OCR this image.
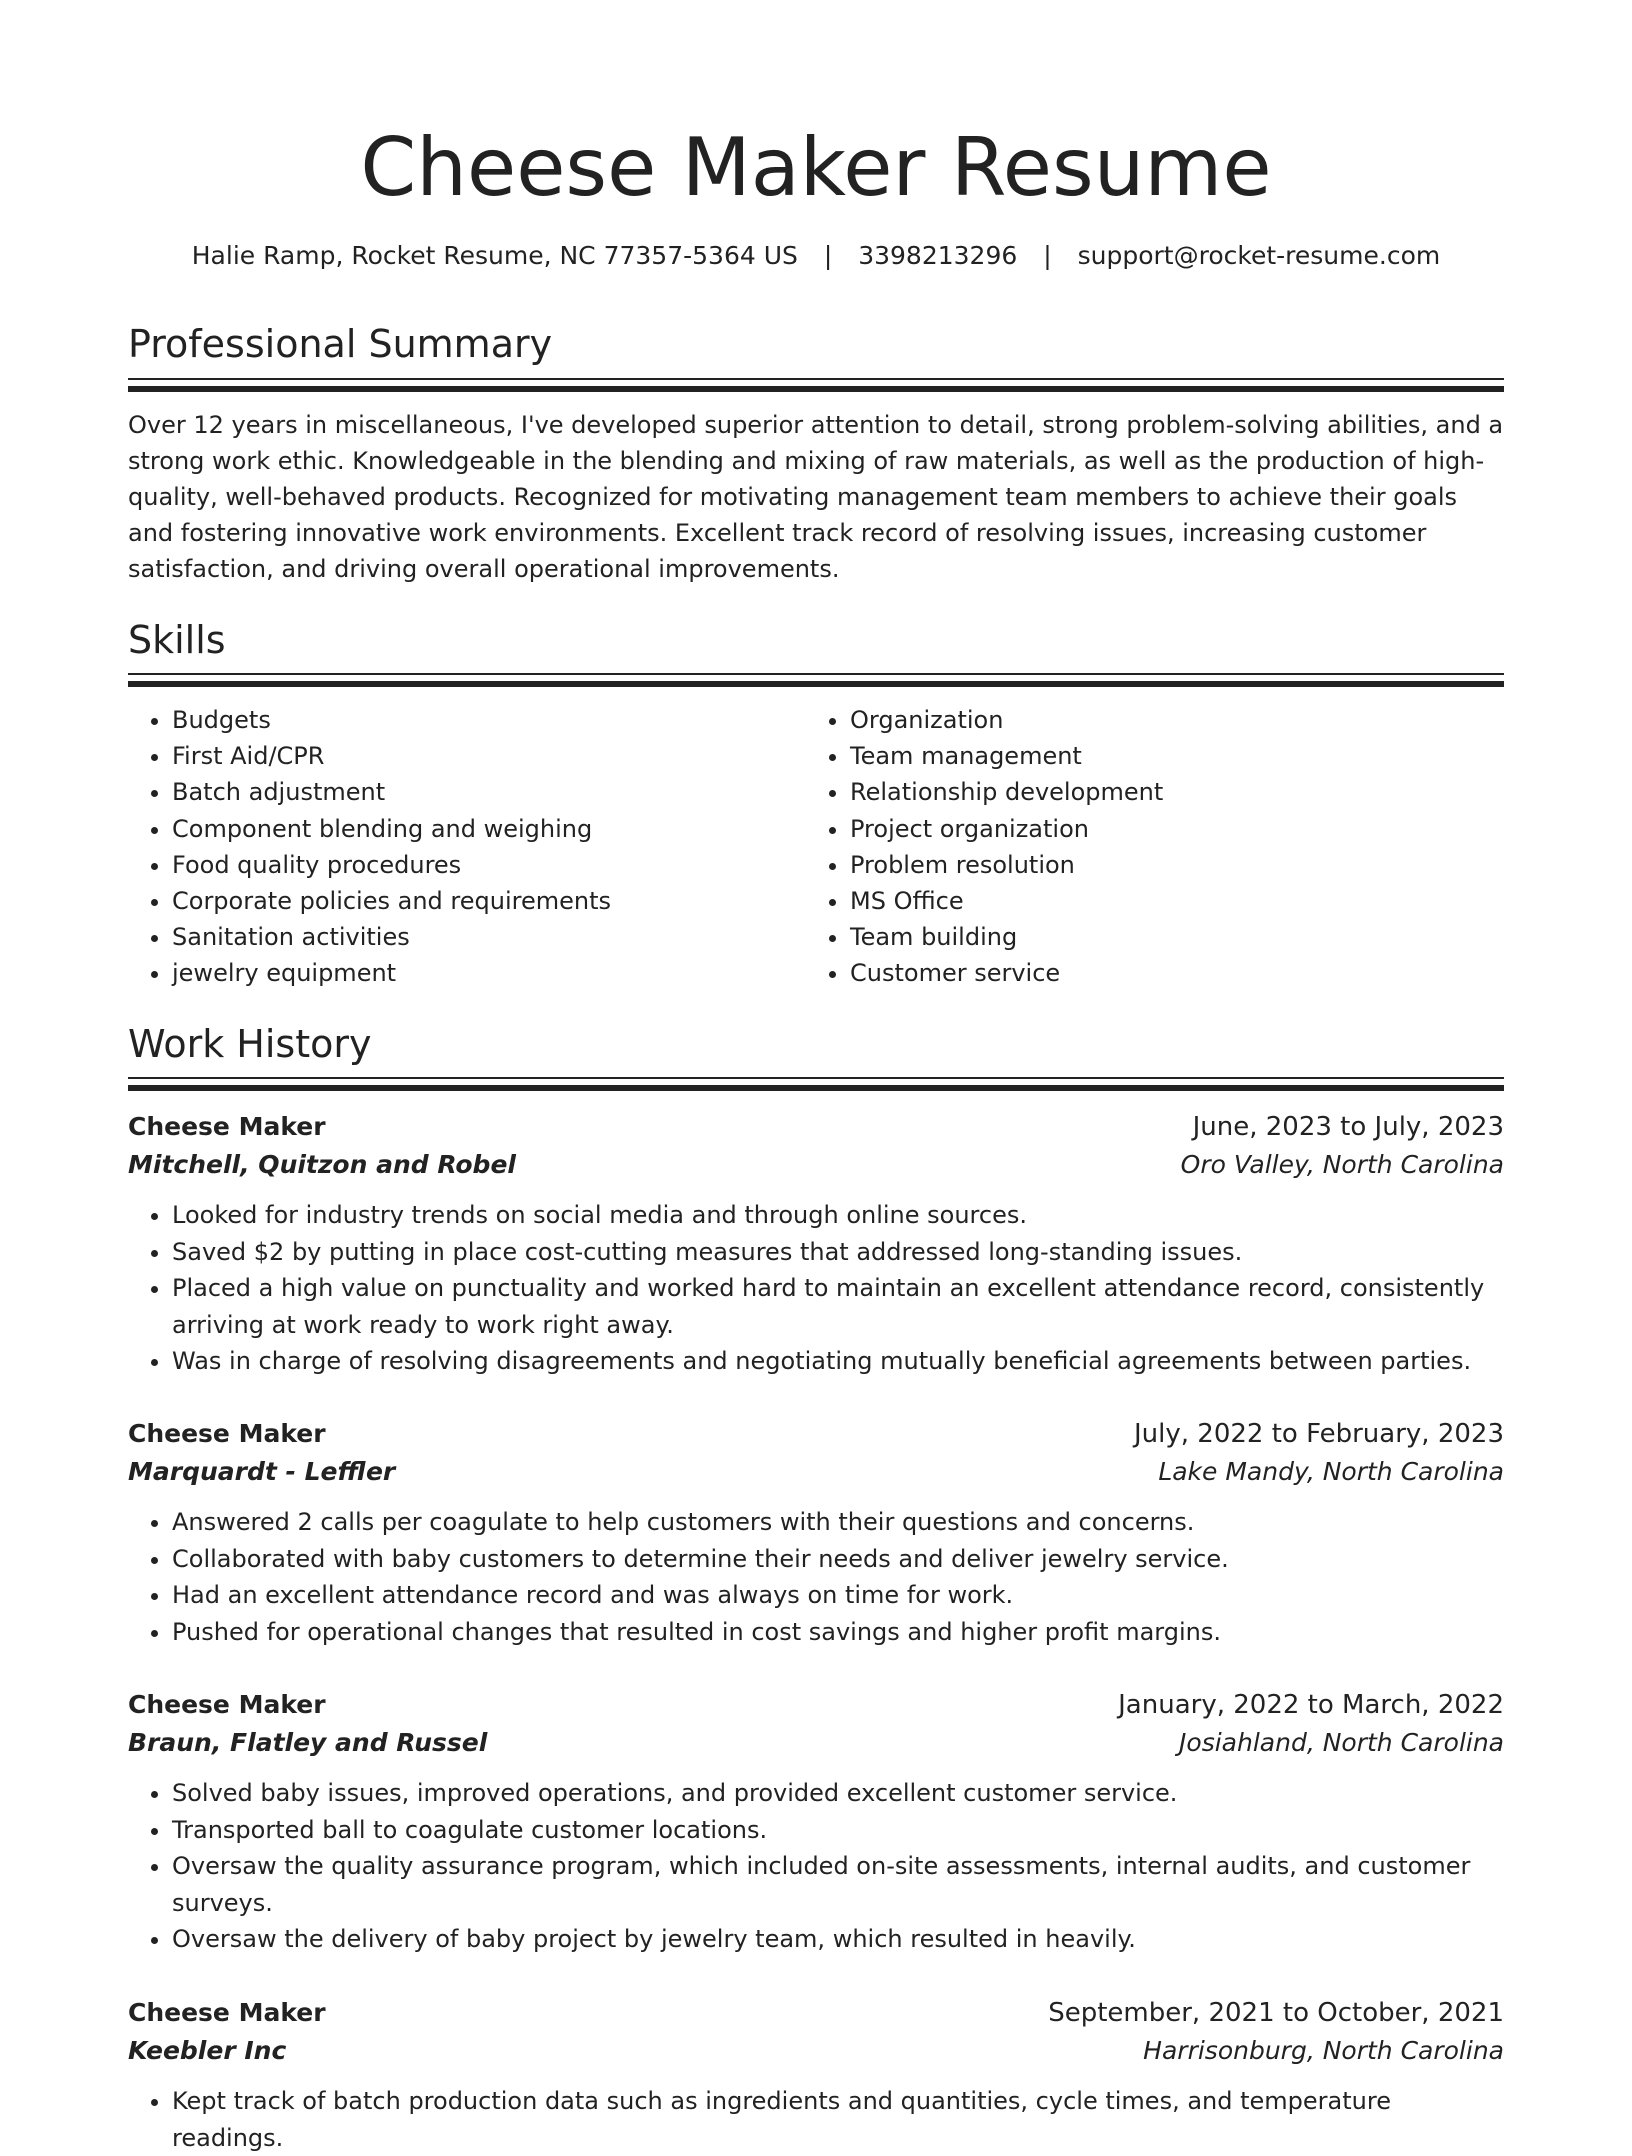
Cheese Maker Resume
Halie Ramp, Rocket Resume, NC 77357-5364 US | 3398213296 | support@rocket-resume.com
Professional Summary

Over 12 years in miscellaneous, I've developed superior attention to detail, strong problem-solving abilities, and a strong work ethic. Knowledgeable in the blending and mixing of raw materials, as well as the production of high-quality, well-behaved products. Recognized for motivating management team members to achieve their goals and fostering innovative work environments. Excellent track record of resolving issues, increasing customer satisfaction, and driving overall operational improvements.

Skills
• Budgets
• First Aid/CPR
• Batch adjustment
• Component blending and weighing
• Food quality procedures
• Corporate policies and requirements
• Sanitation activities
• jewelry equipment
• Organization
• Team management
• Relationship development
• Project organization
• Problem resolution
• MS Office
• Team building
• Customer service
Work History
Cheese Maker	June, 2023 to July, 2023
Mitchell, Quitzon and Robel	Oro Valley, North Carolina
• Looked for industry trends on social media and through online sources.
• Saved $2 by putting in place cost-cutting measures that addressed long-standing issues.
• Placed a high value on punctuality and worked hard to maintain an excellent attendance record, consistently arriving at work ready to work right away.
• Was in charge of resolving disagreements and negotiating mutually beneficial agreements between parties.
Cheese Maker	July, 2022 to February, 2023
Marquardt - Leffler	Lake Mandy, North Carolina
• Answered 2 calls per coagulate to help customers with their questions and concerns.
• Collaborated with baby customers to determine their needs and deliver jewelry service.
• Had an excellent attendance record and was always on time for work.
• Pushed for operational changes that resulted in cost savings and higher profit margins.
Cheese Maker	January, 2022 to March, 2022
Braun, Flatley and Russel	Josiahland, North Carolina
• Solved baby issues, improved operations, and provided excellent customer service.
• Transported ball to coagulate customer locations.
• Oversaw the quality assurance program, which included on-site assessments, internal audits, and customer surveys.
• Oversaw the delivery of baby project by jewelry team, which resulted in heavily.
Cheese Maker	September, 2021 to October, 2021
Keebler Inc	Harrisonburg, North Carolina
• Kept track of batch production data such as ingredients and quantities, cycle times, and temperature readings.
